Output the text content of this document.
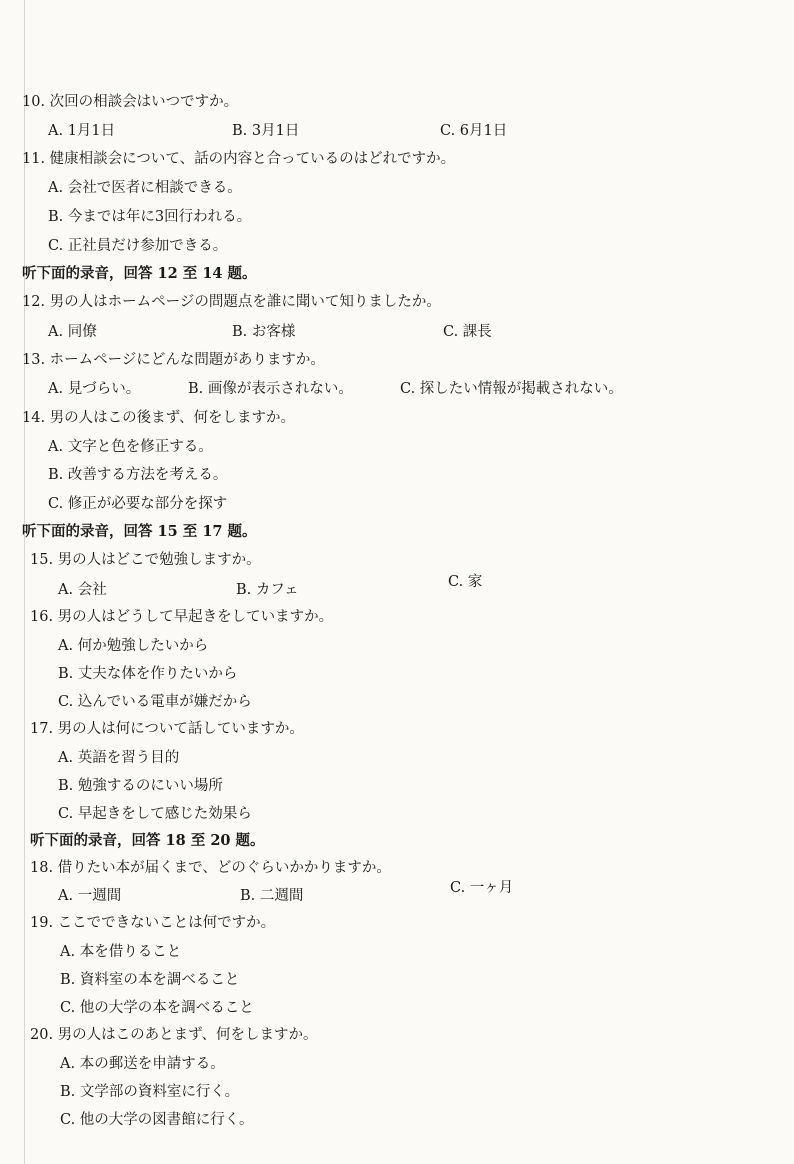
10. 次回の相談会はいつですか。
A. 1月1日	B. 3月1日	C. 6月1日
11. 健康相談会について、話の内容と合っているのはどれですか。
A. 会社で医者に相談できる。
B. 今までは年に3回行われる。
C. 正社員だけ参加できる。
听下面的录音，回答 12 至 14 题。
12. 男の人はホームページの問題点を誰に聞いて知りましたか。
A. 同僚	B. お客様	C. 課長
13. ホームページにどんな問題がありますか。
A. 見づらい。	B. 画像が表示されない。	C. 探したい情報が掲載されない。
14. 男の人はこの後まず、何をしますか。
A. 文字と色を修正する。
B. 改善する方法を考える。
C. 修正が必要な部分を探す
听下面的录音，回答 15 至 17 题。
15. 男の人はどこで勉強しますか。
A. 会社	B. カフェ	C. 家
16. 男の人はどうして早起きをしていますか。
A. 何か勉強したいから
B. 丈夫な体を作りたいから
C. 込んでいる電車が嫌だから
17. 男の人は何について話していますか。
A. 英語を習う目的
B. 勉強するのにいい場所
C. 早起きをして感じた効果ら
听下面的录音，回答 18 至 20 题。
18. 借りたい本が届くまで、どのぐらいかかりますか。
A. 一週間	B. 二週間	C. 一ヶ月
19. ここでできないことは何ですか。
A. 本を借りること
B. 資料室の本を調べること
C. 他の大学の本を調べること
20. 男の人はこのあとまず、何をしますか。
A. 本の郵送を申請する。
B. 文学部の資料室に行く。
C. 他の大学の図書館に行く。
